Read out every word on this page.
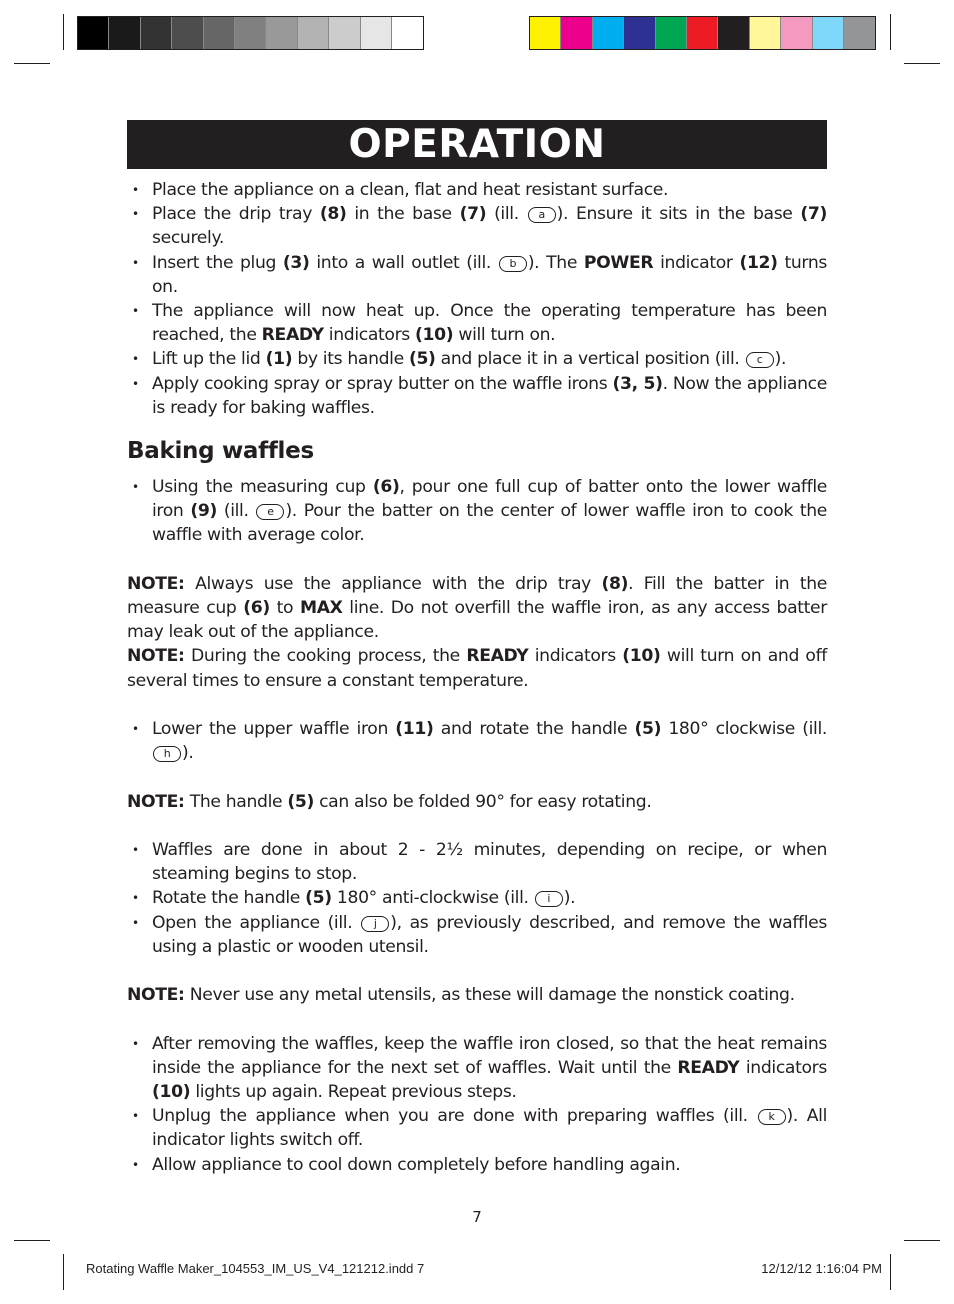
OPERATION
• Place the appliance on a clean, flat and heat resistant surface.
• Place the drip tray (8) in the base (7) (ill. a ). Ensure it sits in the base (7) securely.
• Insert the plug (3) into a wall outlet (ill. b ). The POWER indicator (12) turns on.
• The appliance will now heat up. Once the operating temperature has been reached, the READY indicators (10) will turn on.
• Lift up the lid (1) by its handle (5) and place it in a vertical position (ill. c ).
• Apply cooking spray or spray butter on the waffle irons (3, 5). Now the appliance is ready for baking waffles.
Baking waffles
• Using the measuring cup (6), pour one full cup of batter onto the lower waffle iron (9) (ill. e ). Pour the batter on the center of lower waffle iron to cook the waffle with average color.

NOTE: Always use the appliance with the drip tray (8). Fill the batter in the measure cup (6) to MAX line. Do not overfill the waffle iron, as any access batter may leak out of the appliance.

NOTE: During the cooking process, the READY indicators (10) will turn on and off several times to ensure a constant temperature.

• Lower the upper waffle iron (11) and rotate the handle (5) 180° clockwise (ill. h ).

NOTE: The handle (5) can also be folded 90° for easy rotating.

• Waffles are done in about 2 - 2½ minutes, depending on recipe, or when steaming begins to stop.
• Rotate the handle (5) 180° anti-clockwise (ill. i ).
• Open the appliance (ill. j ), as previously described, and remove the waffles using a plastic or wooden utensil.

NOTE: Never use any metal utensils, as these will damage the nonstick coating.

• After removing the waffles, keep the waffle iron closed, so that the heat remains inside the appliance for the next set of waffles. Wait until the READY indicators (10) lights up again. Repeat previous steps.
• Unplug the appliance when you are done with preparing waffles (ill. k ). All indicator lights switch off.
• Allow appliance to cool down completely before handling again.
7
Rotating Waffle Maker_104553_IM_US_V4_121212.indd 7	12/12/12 1:16:04 PM
